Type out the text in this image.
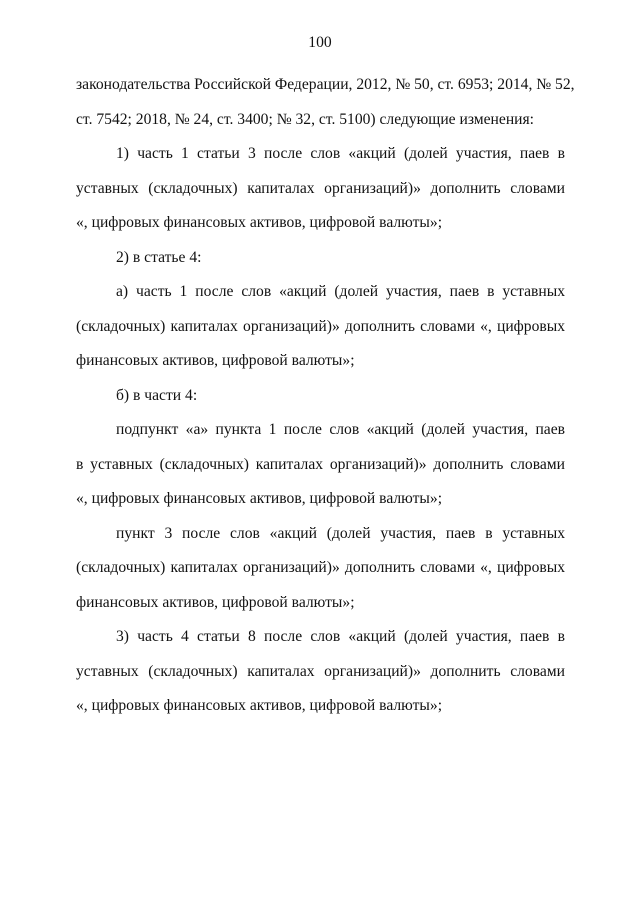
100
законодательства Российской Федерации, 2012, № 50, ст. 6953; 2014, № 52,
ст. 7542; 2018, № 24, ст. 3400; № 32, ст. 5100) следующие изменения:
1) часть 1 статьи 3 после слов «акций (долей участия, паев в
уставных (складочных) капиталах организаций)» дополнить словами
«, цифровых финансовых активов, цифровой валюты»;
2) в статье 4:
а) часть 1 после слов «акций (долей участия, паев в уставных
(складочных) капиталах организаций)» дополнить словами «, цифровых
финансовых активов, цифровой валюты»;
б) в части 4:
подпункт «а» пункта 1 после слов «акций (долей участия, паев
в уставных (складочных) капиталах организаций)» дополнить словами
«, цифровых финансовых активов, цифровой валюты»;
пункт 3 после слов «акций (долей участия, паев в уставных
(складочных) капиталах организаций)» дополнить словами «, цифровых
финансовых активов, цифровой валюты»;
3) часть 4 статьи 8 после слов «акций (долей участия, паев в
уставных (складочных) капиталах организаций)» дополнить словами
«, цифровых финансовых активов, цифровой валюты»;
